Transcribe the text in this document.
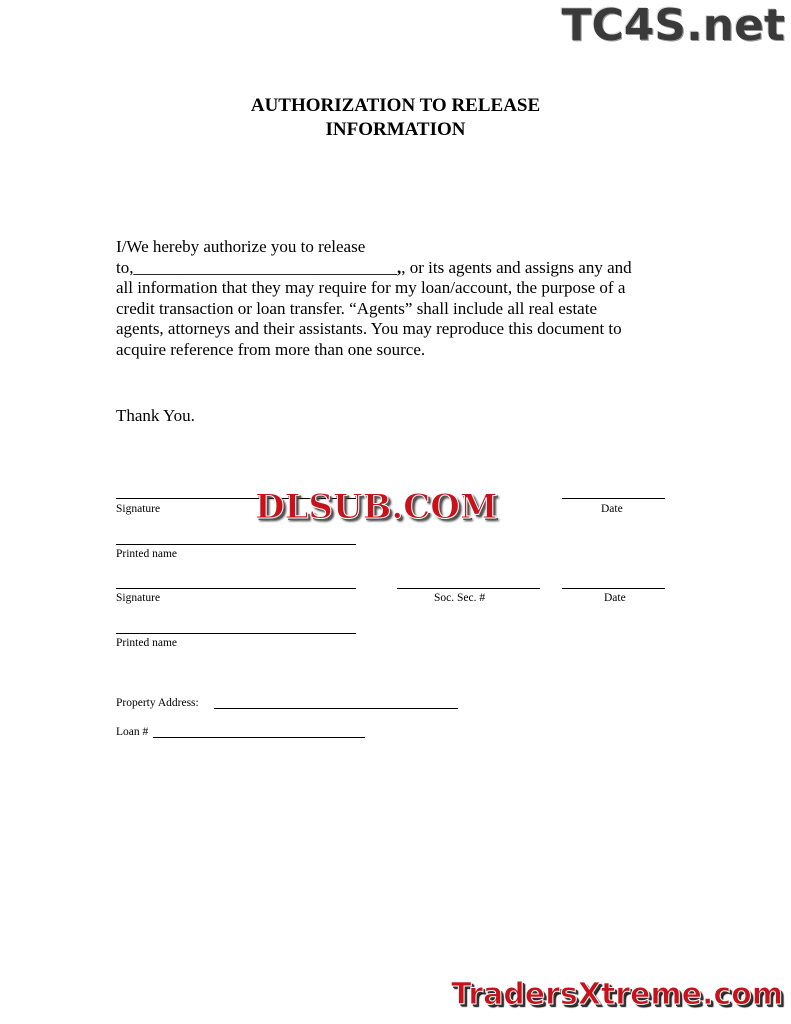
TC4S.net
AUTHORIZATION TO RELEASE
INFORMATION
I/We hereby authorize you to release
to,_______________________________,, or its agents and assigns any and
all information that they may require for my loan/account, the purpose of a
credit transaction or loan transfer. “Agents” shall include all real estate
agents, attorneys and their assistants. You may reproduce this document to
acquire reference from more than one source.
Thank You.
Signature	Date
DLSUB.COM
Printed name
Signature	Soc. Sec. #	Date
Printed name
Property Address:
Loan #
TradersXtreme.com
